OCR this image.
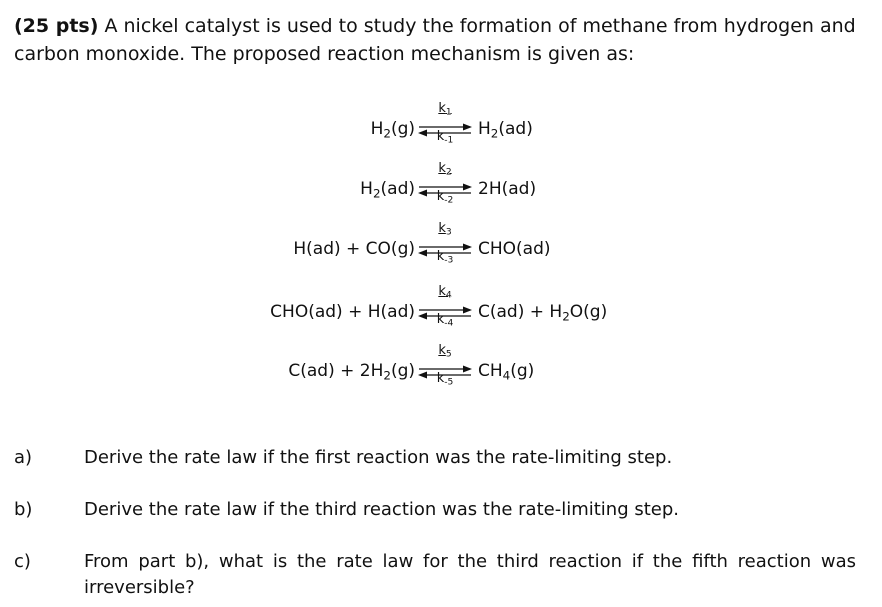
(25 pts) A nickel catalyst is used to study the formation of methane from hydrogen and carbon monoxide. The proposed reaction mechanism is given as:

$k_1$
$k_{-1}$
$H_2(g)$	$H_2(ad)$
$k_2$
$k_{-2}$
$H_2(ad)$	2H(ad)
$k_3$
$k_{-3}$
H(ad) + CO(g)	CHO(ad)
$k_4$
$k_{-4}$
CHO(ad) + H(ad)	$C(ad) + H_2O(g)$
$k_5$
$k_{-5}$
$C(ad) + 2H_2(g)$	$CH_4(g)$
a)	Derive the rate law if the first reaction was the rate-limiting step.
b)	Derive the rate law if the third reaction was the rate-limiting step.
c)	From part b), what is the rate law for the third reaction if the fifth reaction was irreversible?
